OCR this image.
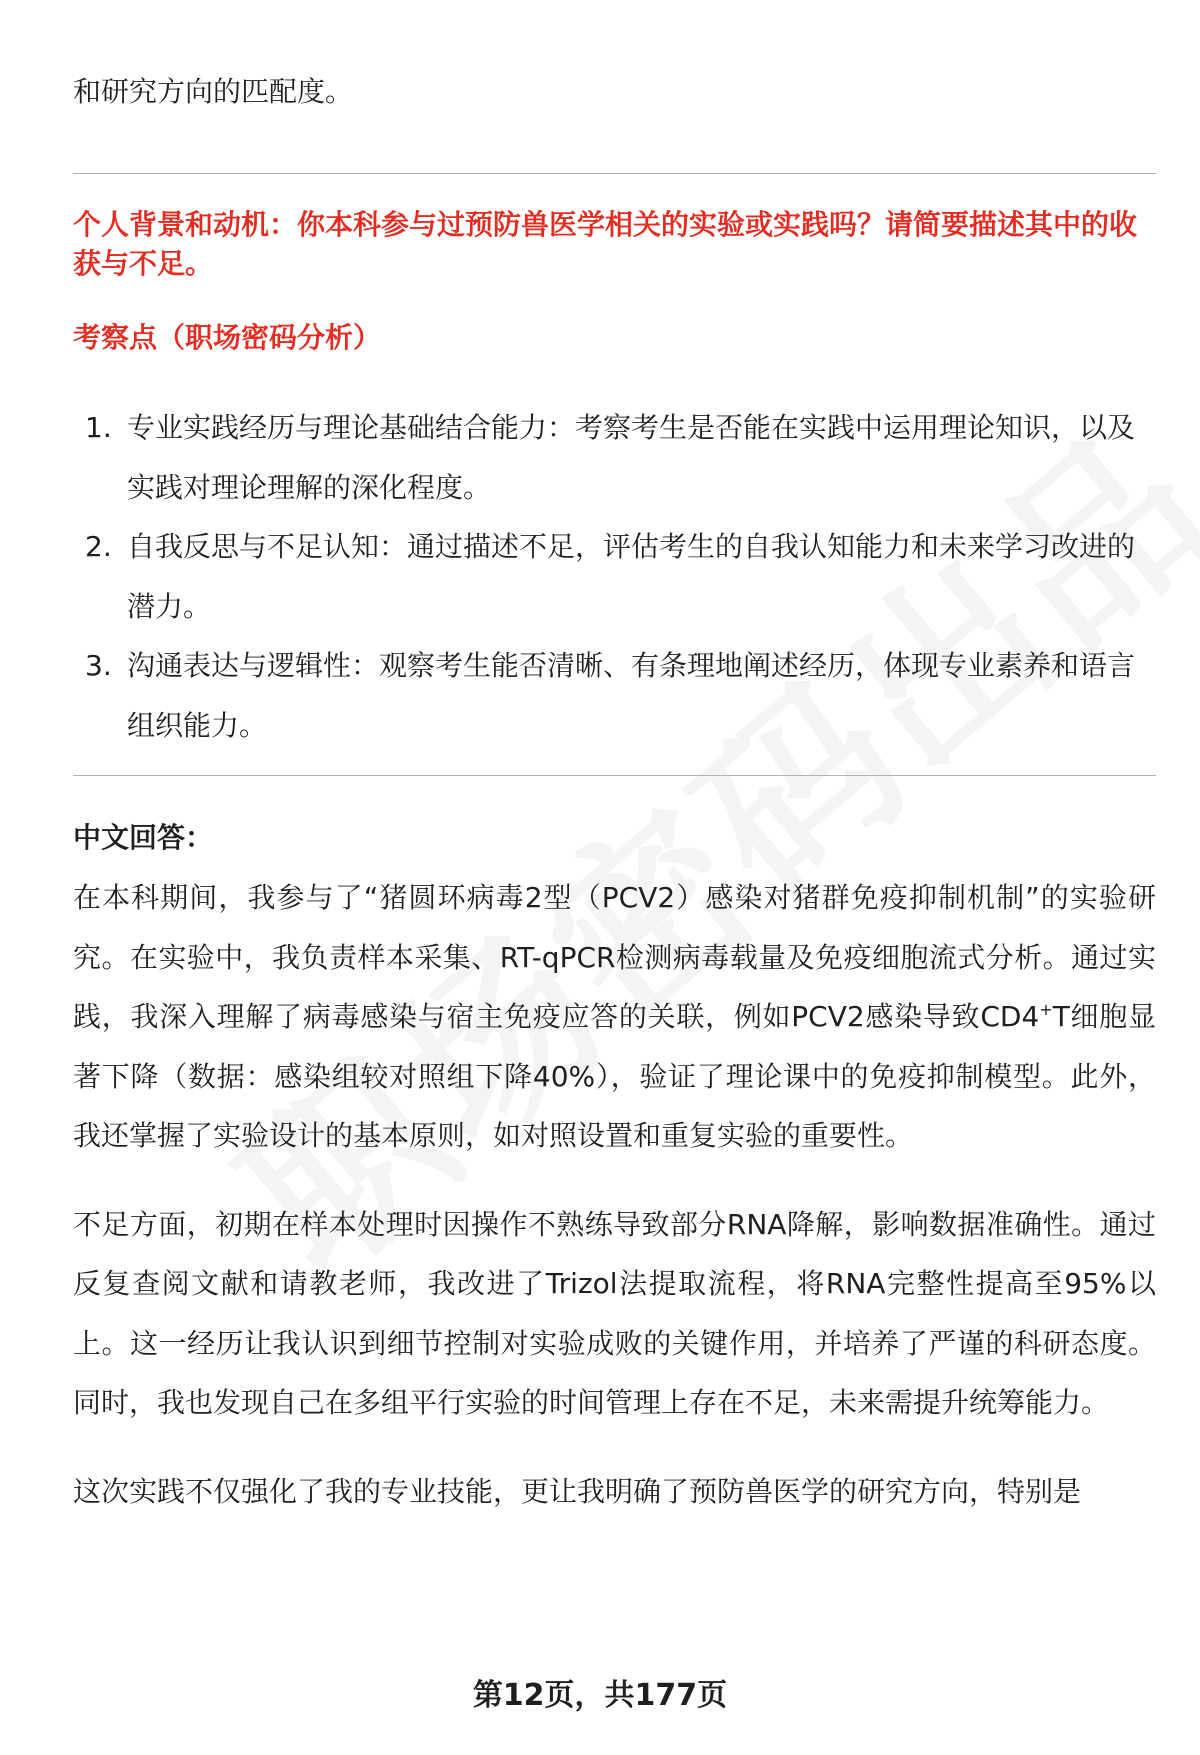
和研究方向的匹配度。

个人背景和动机：你本科参与过预防兽医学相关的实验或实践吗？请简要描述其中的收获与不足。

考察点（职场密码分析）

1. 专业实践经历与理论基础结合能力：考察考生是否能在实践中运用理论知识，以及实践对理论理解的深化程度。
2. 自我反思与不足认知：通过描述不足，评估考生的自我认知能力和未来学习改进的潜力。
3. 沟通表达与逻辑性：观察考生能否清晰、有条理地阐述经历，体现专业素养和语言组织能力。

中文回答：

在本科期间，我参与了“猪圆环病毒2型（PCV2）感染对猪群免疫抑制机制”的实验研究。在实验中，我负责样本采集、RT-qPCR检测病毒载量及免疫细胞流式分析。通过实践，我深入理解了病毒感染与宿主免疫应答的关联，例如PCV2感染导致CD4+T细胞显著下降（数据：感染组较对照组下降40%），验证了理论课中的免疫抑制模型。此外，我还掌握了实验设计的基本原则，如对照设置和重复实验的重要性。

不足方面，初期在样本处理时因操作不熟练导致部分RNA降解，影响数据准确性。通过反复查阅文献和请教老师，我改进了Trizol法提取流程，将RNA完整性提高至95%以上。这一经历让我认识到细节控制对实验成败的关键作用，并培养了严谨的科研态度。同时，我也发现自己在多组平行实验的时间管理上存在不足，未来需提升统筹能力。

这次实践不仅强化了我的专业技能，更让我明确了预防兽医学的研究方向，特别是

第12页，共177页
